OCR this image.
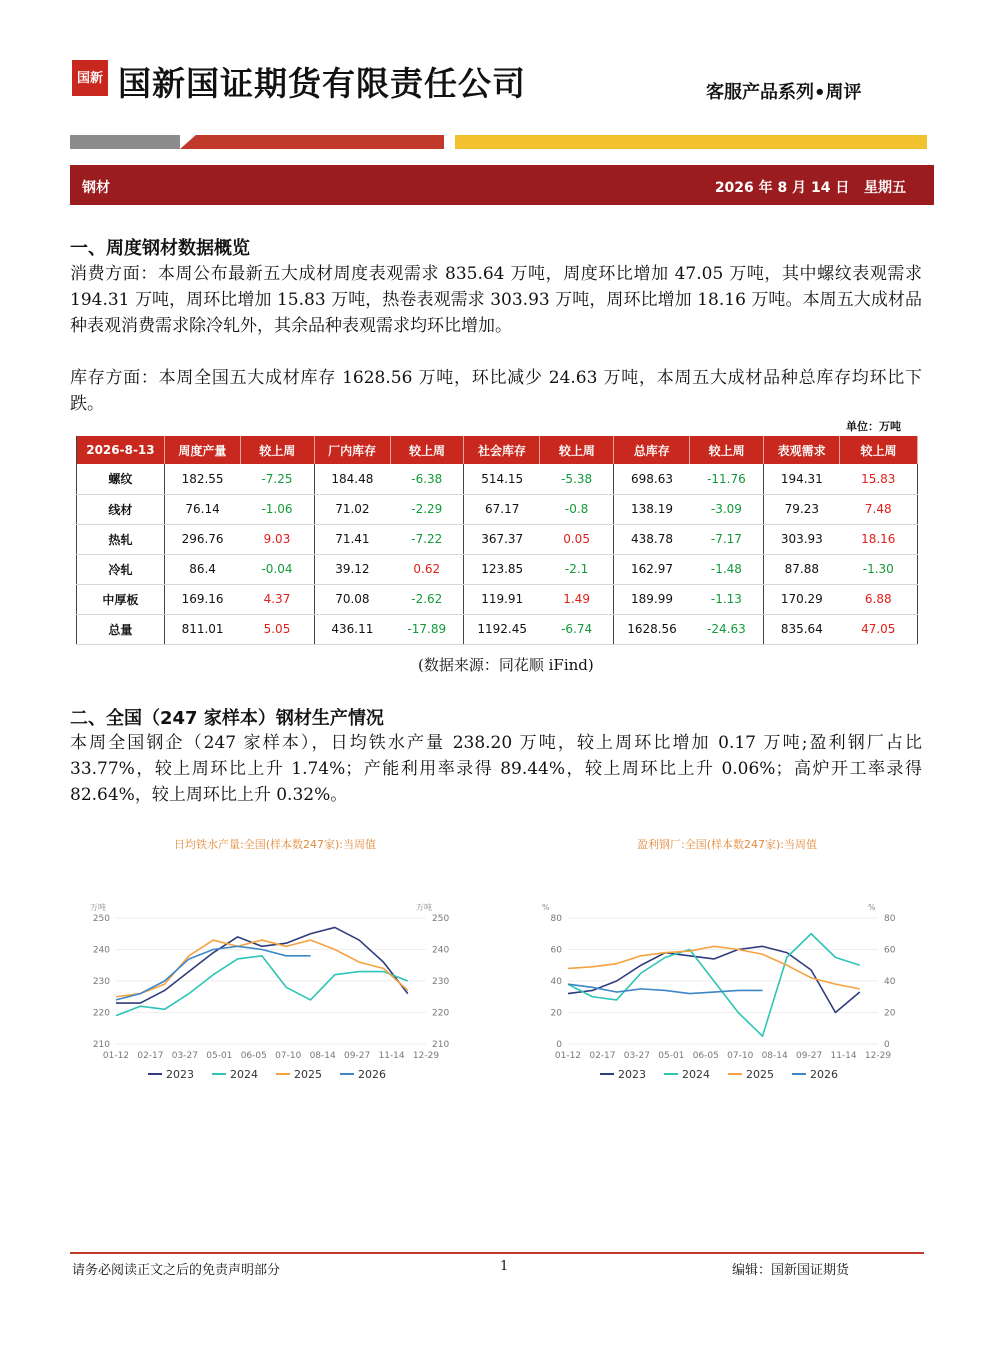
国新 国新国证期货有限责任公司	客服产品系列•周评
钢材	2026 年 8 月 14 日 星期五
一、周度钢材数据概览

消费方面：本周公布最新五大成材周度表观需求 835.64 万吨，周度环比增加 47.05 万吨，其中螺纹表观需求 194.31 万吨，周环比增加 15.83 万吨，热卷表观需求 303.93 万吨，周环比增加 18.16 万吨。本周五大成材品种表观消费需求除冷轧外，其余品种表观需求均环比增加。

库存方面：本周全国五大成材库存 1628.56 万吨，环比减少 24.63 万吨，本周五大成材品种总库存均环比下跌。

单位：万吨
2026-8-13	周度产量	较上周	厂内库存	较上周	社会库存	较上周	总库存	较上周	表观需求	较上周
螺纹	182.55	-7.25	184.48	-6.38	514.15	-5.38	698.63	-11.76	194.31	15.83
线材	76.14	-1.06	71.02	-2.29	67.17	-0.8	138.19	-3.09	79.23	7.48
热轧	296.76	9.03	71.41	-7.22	367.37	0.05	438.78	-7.17	303.93	18.16
冷轧	86.4	-0.04	39.12	0.62	123.85	-2.1	162.97	-1.48	87.88	-1.30
中厚板	169.16	4.37	70.08	-2.62	119.91	1.49	189.99	-1.13	170.29	6.88
总量	811.01	5.05	436.11	-17.89	1192.45	-6.74	1628.56	-24.63	835.64	47.05
(数据来源：同花顺 iFind)
二、全国（247 家样本）钢材生产情况

本周全国钢企（247 家样本），日均铁水产量 238.20 万吨，较上周环比增加 0.17 万吨;盈利钢厂占比 33.77%，较上周环比上升 1.74%；产能利用率录得 89.44%，较上周环比上升 0.06%；高炉开工率录得 82.64%，较上周环比上升 0.32%。

日均铁水产量:全国(样本数247家):当周值
万吨	万吨
210	210
220	220
230	230
240	240
250	250
01-12 02-17 03-27 05-01 06-05 07-10 08-14 09-27 11-14 12-29
2023	2024	2025	2026
盈利钢厂:全国(样本数247家):当周值
%	%
0	0
20	20
40	40
60	60
80	80
01-12 02-17 03-27 05-01 06-05 07-10 08-14 09-27 11-14 12-29
2023	2024	2025	2026
请务必阅读正文之后的免责声明部分	1	编辑：国新国证期货
